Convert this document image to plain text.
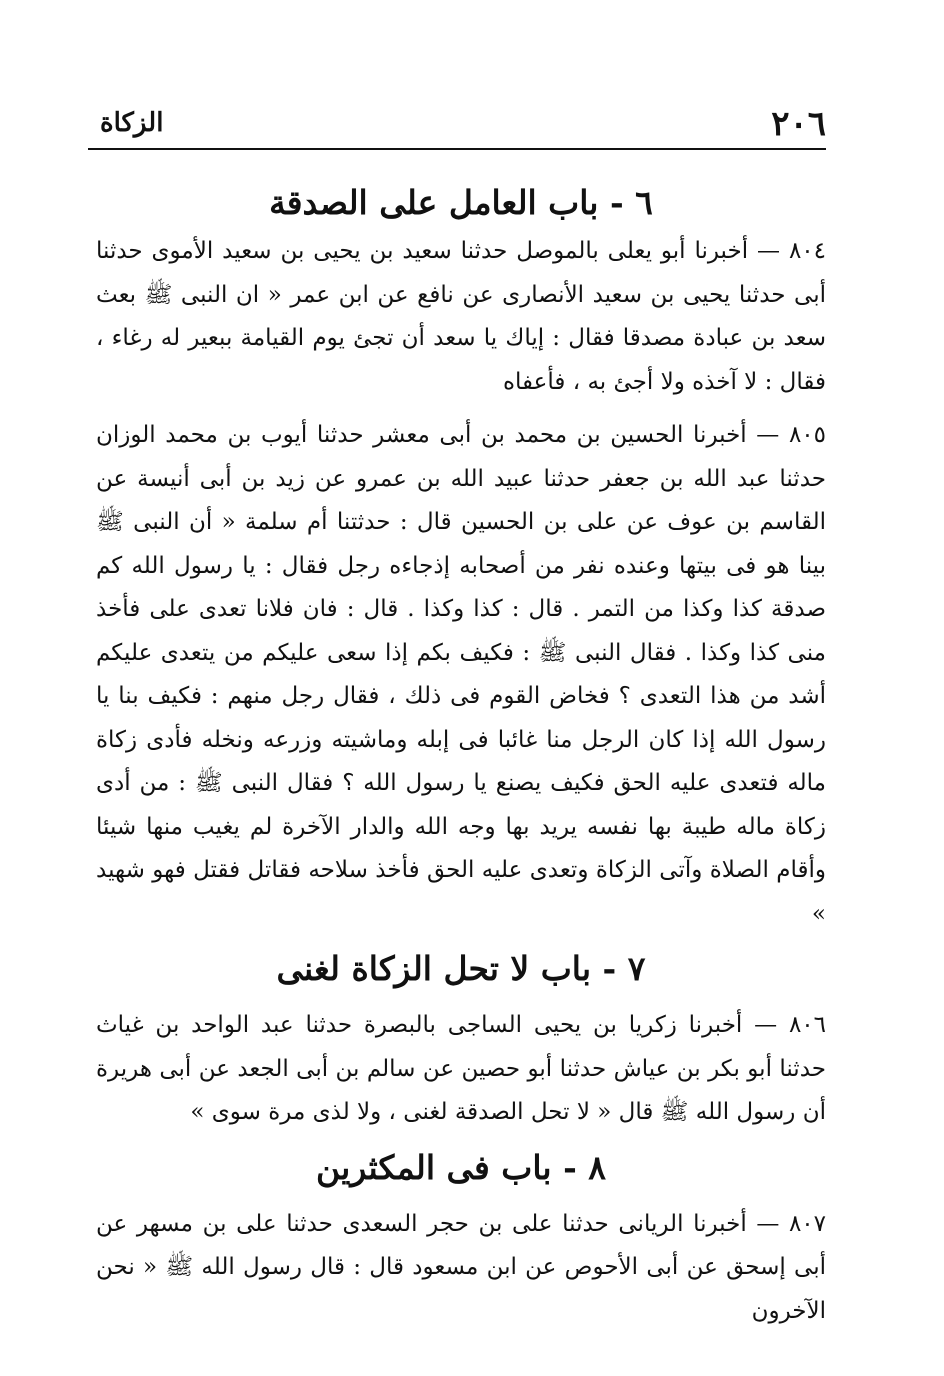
٢٠٦
الزكاة
٦ - باب العامل على الصدقة

٨٠٤ — أخبرنا أبو يعلى بالموصل حدثنا سعيد بن يحيى بن سعيد الأموى حدثنا أبى حدثنا يحيى بن سعيد الأنصارى عن نافع عن ابن عمر « ان النبى ﷺ بعث سعد بن عبادة مصدقا فقال : إياك يا سعد أن تجئ يوم القيامة ببعير له رغاء ، فقال : لا آخذه ولا أجئ به ، فأعفاه

٨٠٥ — أخبرنا الحسين بن محمد بن أبى معشر حدثنا أيوب بن محمد الوزان حدثنا عبد الله بن جعفر حدثنا عبيد الله بن عمرو عن زيد بن أبى أنيسة عن القاسم بن عوف عن على بن الحسين قال : حدثتنا أم سلمة « أن النبى ﷺ بينا هو فى بيتها وعنده نفر من أصحابه إذجاءه رجل فقال : يا رسول الله كم صدقة كذا وكذا من التمر . قال : كذا وكذا . قال : فان فلانا تعدى على فأخذ منى كذا وكذا . فقال النبى ﷺ : فكيف بكم إذا سعى عليكم من يتعدى عليكم أشد من هذا التعدى ؟ فخاض القوم فى ذلك ، فقال رجل منهم : فكيف بنا يا رسول الله إذا كان الرجل منا غائبا فى إبله وماشيته وزرعه ونخله فأدى زكاة ماله فتعدى عليه الحق فكيف يصنع يا رسول الله ؟ فقال النبى ﷺ : من أدى زكاة ماله طيبة بها نفسه يريد بها وجه الله والدار الآخرة لم يغيب منها شيئا وأقام الصلاة وآتى الزكاة وتعدى عليه الحق فأخذ سلاحه فقاتل فقتل فهو شهيد »

٧ - باب لا تحل الزكاة لغنى

٨٠٦ — أخبرنا زكريا بن يحيى الساجى بالبصرة حدثنا عبد الواحد بن غياث حدثنا أبو بكر بن عياش حدثنا أبو حصين عن سالم بن أبى الجعد عن أبى هريرة أن رسول الله ﷺ قال « لا تحل الصدقة لغنى ، ولا لذى مرة سوى »

٨ - باب فى المكثرين

٨٠٧ — أخبرنا الريانى حدثنا على بن حجر السعدى حدثنا على بن مسهر عن أبى إسحق عن أبى الأحوص عن ابن مسعود قال : قال رسول الله ﷺ « نحن الآخرون
